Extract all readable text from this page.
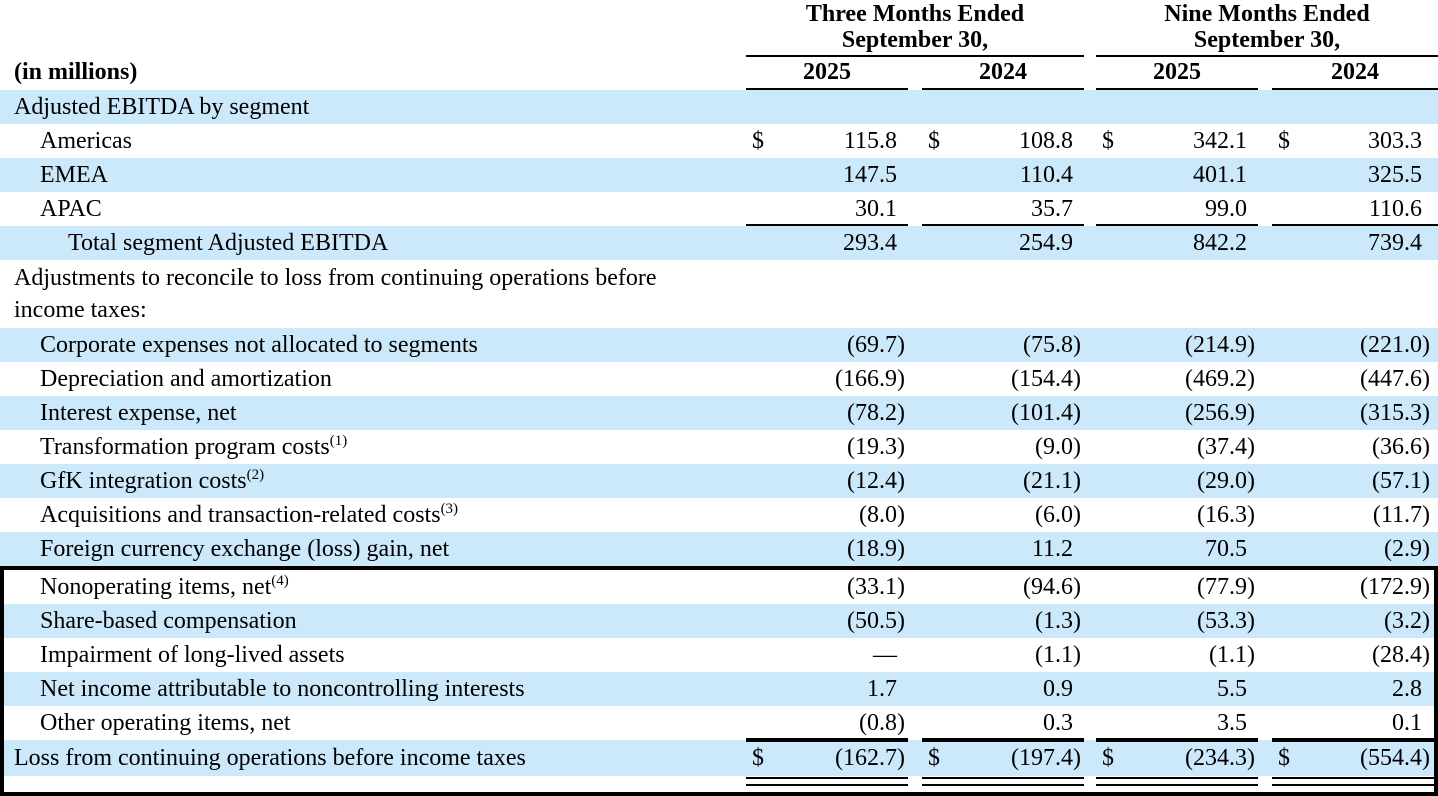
Three Months Ended
September 30,
Nine Months Ended
September 30,
(in millions)	2025	2024	2025	2024
Adjusted EBITDA by segment
Americas	$	115.8	$	108.8	$	342.1	$	303.3
EMEA	147.5	110.4	401.1	325.5
APAC	30.1	35.7	99.0	110.6
Total segment Adjusted EBITDA	293.4	254.9	842.2	739.4
Adjustments to reconcile to loss from continuing operations before income taxes:
Corporate expenses not allocated to segments	(69.7)	(75.8)	(214.9)	(221.0)
Depreciation and amortization	(166.9)	(154.4)	(469.2)	(447.6)
Interest expense, net	(78.2)	(101.4)	(256.9)	(315.3)
Transformation program costs$^{(1)}$	(19.3)	(9.0)	(37.4)	(36.6)
GfK integration costs$^{(2)}$	(12.4)	(21.1)	(29.0)	(57.1)
Acquisitions and transaction-related costs$^{(3)}$	(8.0)	(6.0)	(16.3)	(11.7)
Foreign currency exchange (loss) gain, net	(18.9)	11.2	70.5	(2.9)
Nonoperating items, net$^{(4)}$	(33.1)	(94.6)	(77.9)	(172.9)
Share-based compensation	(50.5)	(1.3)	(53.3)	(3.2)
Impairment of long-lived assets	—	(1.1)	(1.1)	(28.4)
Net income attributable to noncontrolling interests	1.7	0.9	5.5	2.8
Other operating items, net	(0.8)	0.3	3.5	0.1
Loss from continuing operations before income taxes	$	(162.7) $	(197.4) $	(234.3) $	(554.4)
